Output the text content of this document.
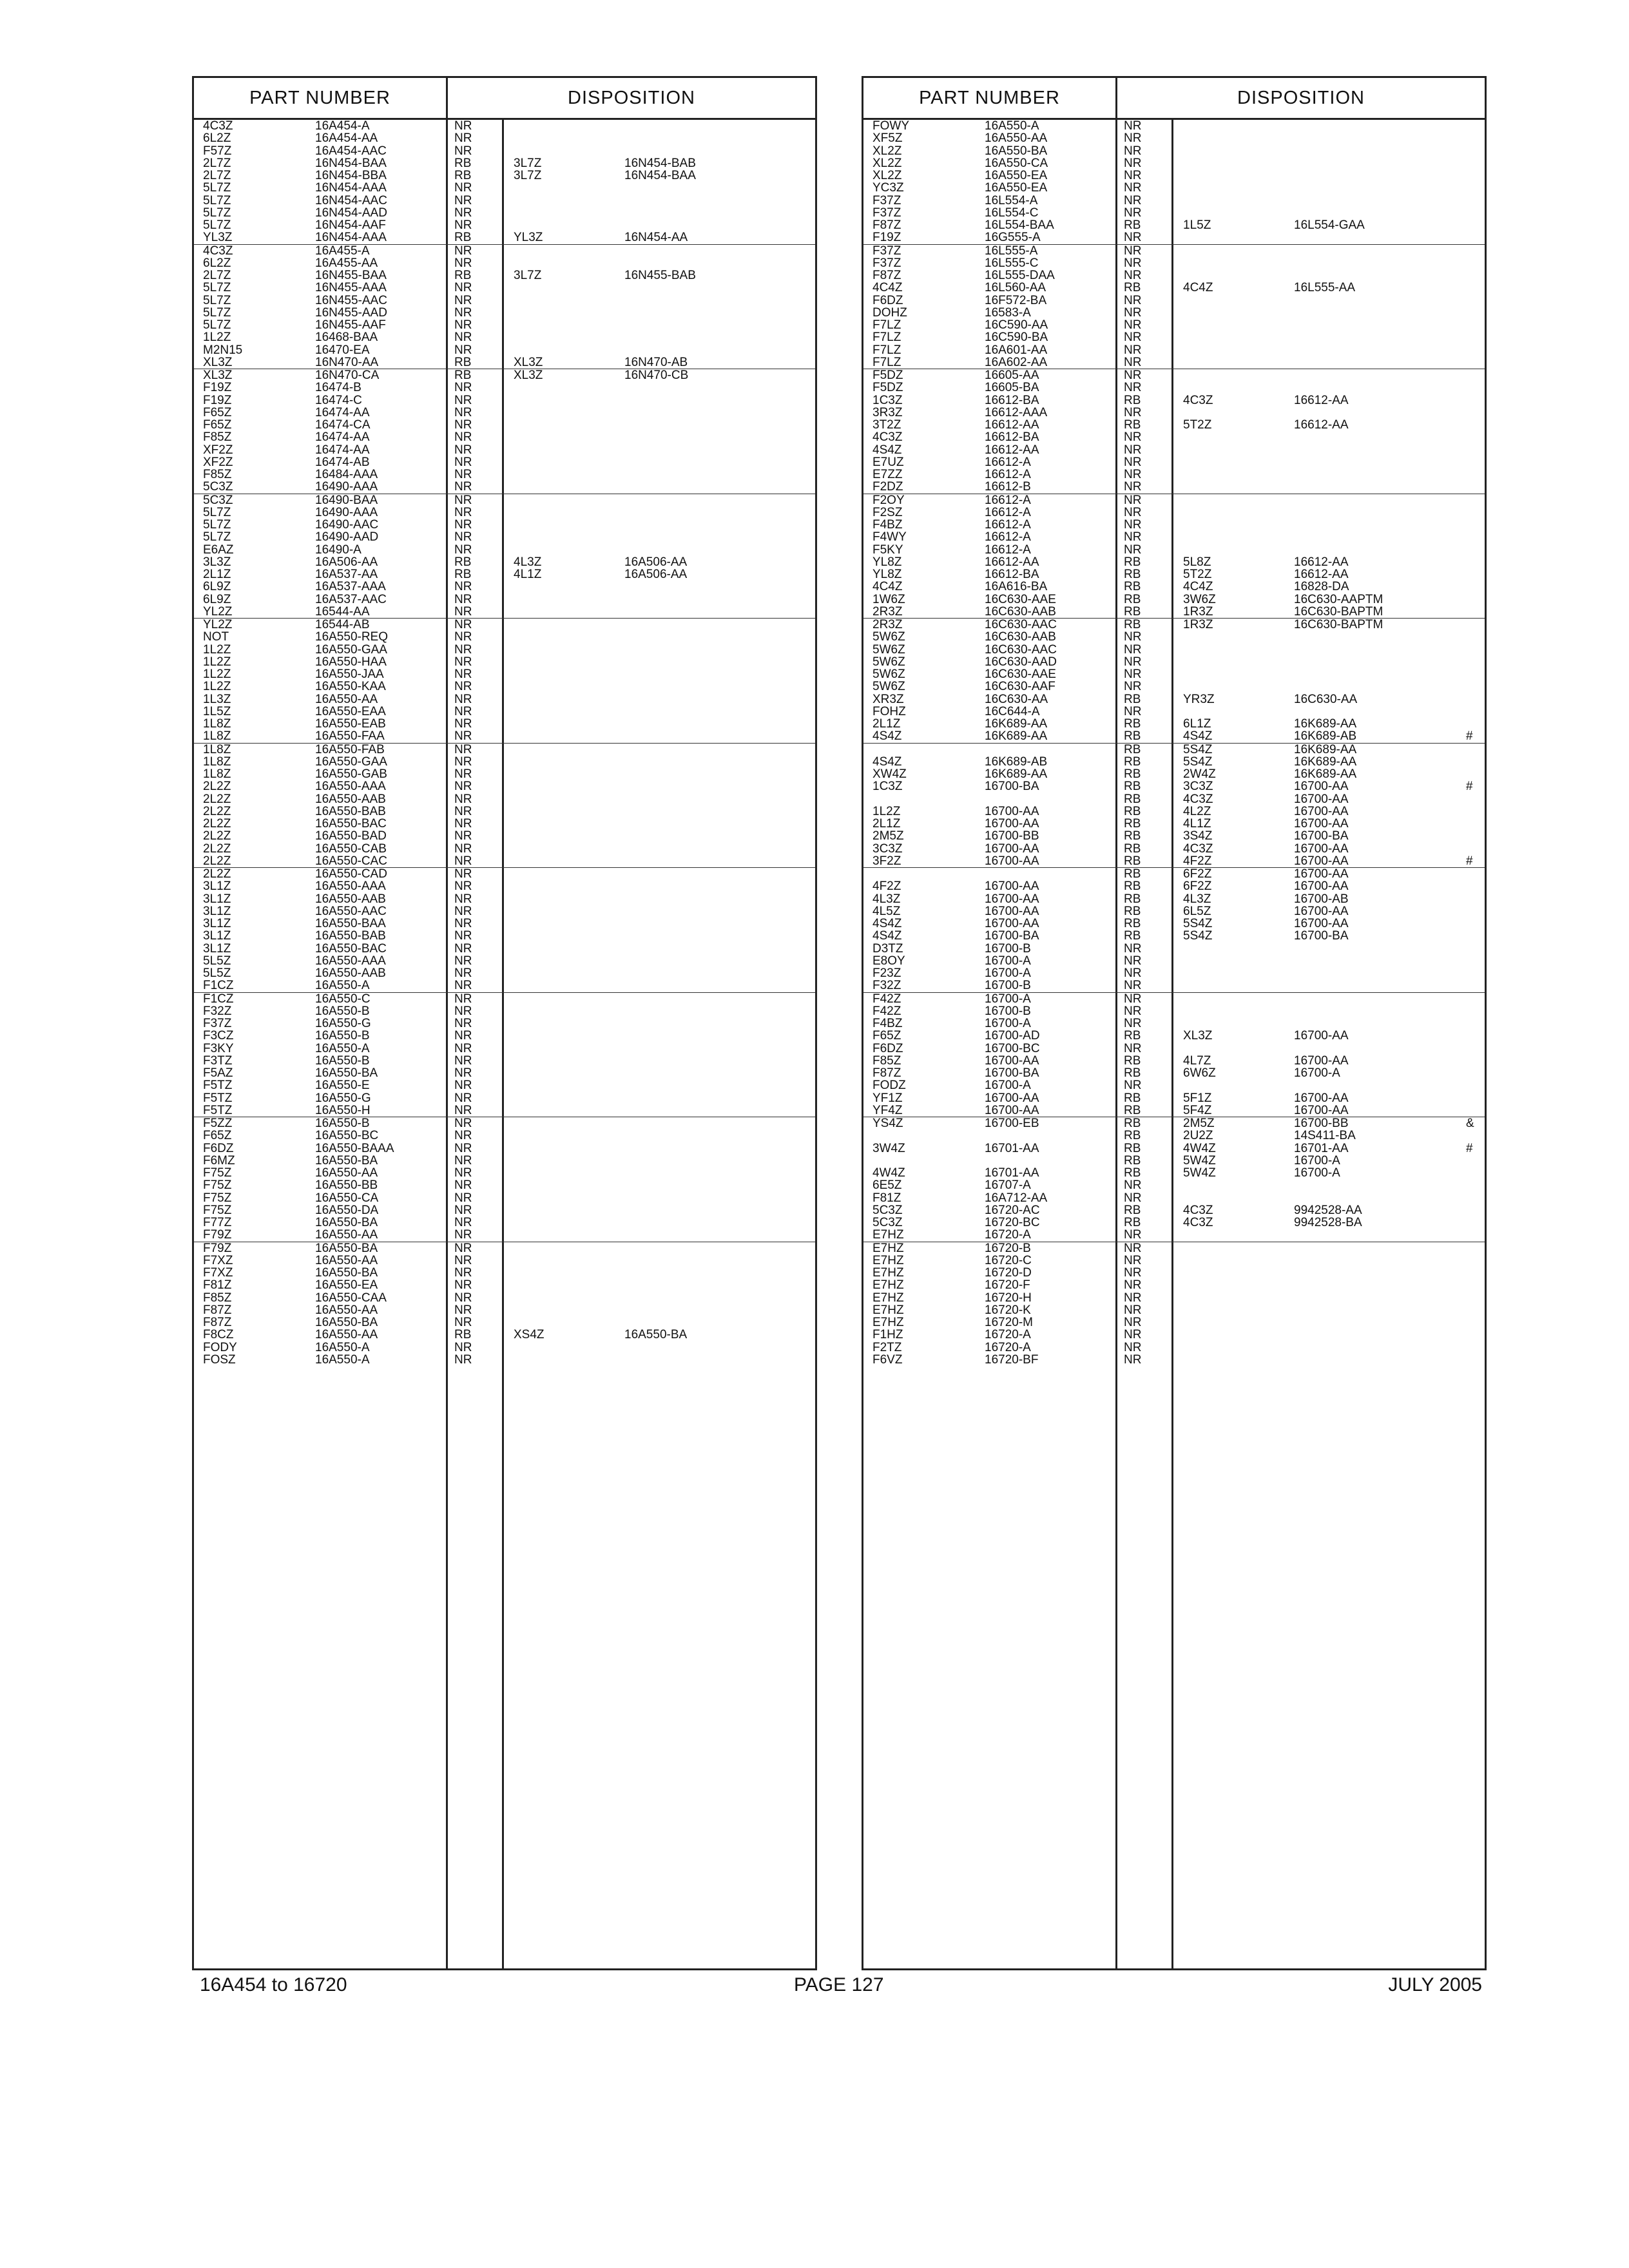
PART NUMBER	DISPOSITION
4C3Z	16A454-A	NR
6L2Z	16A454-AA	NR
F57Z	16A454-AAC	NR
2L7Z	16N454-BAA	RB	3L7Z	16N454-BAB
2L7Z	16N454-BBA	RB	3L7Z	16N454-BAA
5L7Z	16N454-AAA	NR
5L7Z	16N454-AAC	NR
5L7Z	16N454-AAD	NR
5L7Z	16N454-AAF	NR
YL3Z	16N454-AAA	RB	YL3Z	16N454-AA
4C3Z	16A455-A	NR
6L2Z	16A455-AA	NR
2L7Z	16N455-BAA	RB	3L7Z	16N455-BAB
5L7Z	16N455-AAA	NR
5L7Z	16N455-AAC	NR
5L7Z	16N455-AAD	NR
5L7Z	16N455-AAF	NR
1L2Z	16468-BAA	NR
M2N15	16470-EA	NR
XL3Z	16N470-AA	RB	XL3Z	16N470-AB
XL3Z	16N470-CA	RB	XL3Z	16N470-CB
F19Z	16474-B	NR
F19Z	16474-C	NR
F65Z	16474-AA	NR
F65Z	16474-CA	NR
F85Z	16474-AA	NR
XF2Z	16474-AA	NR
XF2Z	16474-AB	NR
F85Z	16484-AAA	NR
5C3Z	16490-AAA	NR
5C3Z	16490-BAA	NR
5L7Z	16490-AAA	NR
5L7Z	16490-AAC	NR
5L7Z	16490-AAD	NR
E6AZ	16490-A	NR
3L3Z	16A506-AA	RB	4L3Z	16A506-AA
2L1Z	16A537-AA	RB	4L1Z	16A506-AA
6L9Z	16A537-AAA	NR
6L9Z	16A537-AAC	NR
YL2Z	16544-AA	NR
YL2Z	16544-AB	NR
NOT	16A550-REQ	NR
1L2Z	16A550-GAA	NR
1L2Z	16A550-HAA	NR
1L2Z	16A550-JAA	NR
1L2Z	16A550-KAA	NR
1L3Z	16A550-AA	NR
1L5Z	16A550-EAA	NR
1L8Z	16A550-EAB	NR
1L8Z	16A550-FAA	NR
1L8Z	16A550-FAB	NR
1L8Z	16A550-GAA	NR
1L8Z	16A550-GAB	NR
2L2Z	16A550-AAA	NR
2L2Z	16A550-AAB	NR
2L2Z	16A550-BAB	NR
2L2Z	16A550-BAC	NR
2L2Z	16A550-BAD	NR
2L2Z	16A550-CAB	NR
2L2Z	16A550-CAC	NR
2L2Z	16A550-CAD	NR
3L1Z	16A550-AAA	NR
3L1Z	16A550-AAB	NR
3L1Z	16A550-AAC	NR
3L1Z	16A550-BAA	NR
3L1Z	16A550-BAB	NR
3L1Z	16A550-BAC	NR
5L5Z	16A550-AAA	NR
5L5Z	16A550-AAB	NR
F1CZ	16A550-A	NR
F1CZ	16A550-C	NR
F32Z	16A550-B	NR
F37Z	16A550-G	NR
F3CZ	16A550-B	NR
F3KY	16A550-A	NR
F3TZ	16A550-B	NR
F5AZ	16A550-BA	NR
F5TZ	16A550-E	NR
F5TZ	16A550-G	NR
F5TZ	16A550-H	NR
F5ZZ	16A550-B	NR
F65Z	16A550-BC	NR
F6DZ	16A550-BAAA	NR
F6MZ	16A550-BA	NR
F75Z	16A550-AA	NR
F75Z	16A550-BB	NR
F75Z	16A550-CA	NR
F75Z	16A550-DA	NR
F77Z	16A550-BA	NR
F79Z	16A550-AA	NR
F79Z	16A550-BA	NR
F7XZ	16A550-AA	NR
F7XZ	16A550-BA	NR
F81Z	16A550-EA	NR
F85Z	16A550-CAA	NR
F87Z	16A550-AA	NR
F87Z	16A550-BA	NR
F8CZ	16A550-AA	RB	XS4Z	16A550-BA
FODY	16A550-A	NR
FOSZ	16A550-A	NR
PART NUMBER	DISPOSITION
FOWY	16A550-A	NR
XF5Z	16A550-AA	NR
XL2Z	16A550-BA	NR
XL2Z	16A550-CA	NR
XL2Z	16A550-EA	NR
YC3Z	16A550-EA	NR
F37Z	16L554-A	NR
F37Z	16L554-C	NR
F87Z	16L554-BAA	RB	1L5Z	16L554-GAA
F19Z	16G555-A	NR
F37Z	16L555-A	NR
F37Z	16L555-C	NR
F87Z	16L555-DAA	NR
4C4Z	16L560-AA	RB	4C4Z	16L555-AA
F6DZ	16F572-BA	NR
DOHZ	16583-A	NR
F7LZ	16C590-AA	NR
F7LZ	16C590-BA	NR
F7LZ	16A601-AA	NR
F7LZ	16A602-AA	NR
F5DZ	16605-AA	NR
F5DZ	16605-BA	NR
1C3Z	16612-BA	RB	4C3Z	16612-AA
3R3Z	16612-AAA	NR
3T2Z	16612-AA	RB	5T2Z	16612-AA
4C3Z	16612-BA	NR
4S4Z	16612-AA	NR
E7UZ	16612-A	NR
E7ZZ	16612-A	NR
F2DZ	16612-B	NR
F2OY	16612-A	NR
F2SZ	16612-A	NR
F4BZ	16612-A	NR
F4WY	16612-A	NR
F5KY	16612-A	NR
YL8Z	16612-AA	RB	5L8Z	16612-AA
YL8Z	16612-BA	RB	5T2Z	16612-AA
4C4Z	16A616-BA	RB	4C4Z	16828-DA
1W6Z	16C630-AAE	RB	3W6Z	16C630-AAPTM
2R3Z	16C630-AAB	RB	1R3Z	16C630-BAPTM
2R3Z	16C630-AAC	RB	1R3Z	16C630-BAPTM
5W6Z	16C630-AAB	NR
5W6Z	16C630-AAC	NR
5W6Z	16C630-AAD	NR
5W6Z	16C630-AAE	NR
5W6Z	16C630-AAF	NR
XR3Z	16C630-AA	RB	YR3Z	16C630-AA
FOHZ	16C644-A	NR
2L1Z	16K689-AA	RB	6L1Z	16K689-AA
4S4Z	16K689-AA	RB	4S4Z	16K689-AB	#
RB	5S4Z	16K689-AA
4S4Z	16K689-AB	RB	5S4Z	16K689-AA
XW4Z	16K689-AA	RB	2W4Z	16K689-AA
1C3Z	16700-BA	RB	3C3Z	16700-AA	#
RB	4C3Z	16700-AA
1L2Z	16700-AA	RB	4L2Z	16700-AA
2L1Z	16700-AA	RB	4L1Z	16700-AA
2M5Z	16700-BB	RB	3S4Z	16700-BA
3C3Z	16700-AA	RB	4C3Z	16700-AA
3F2Z	16700-AA	RB	4F2Z	16700-AA	#
RB	6F2Z	16700-AA
4F2Z	16700-AA	RB	6F2Z	16700-AA
4L3Z	16700-AA	RB	4L3Z	16700-AB
4L5Z	16700-AA	RB	6L5Z	16700-AA
4S4Z	16700-AA	RB	5S4Z	16700-AA
4S4Z	16700-BA	RB	5S4Z	16700-BA
D3TZ	16700-B	NR
E8OY	16700-A	NR
F23Z	16700-A	NR
F32Z	16700-B	NR
F42Z	16700-A	NR
F42Z	16700-B	NR
F4BZ	16700-A	NR
F65Z	16700-AD	RB	XL3Z	16700-AA
F6DZ	16700-BC	NR
F85Z	16700-AA	RB	4L7Z	16700-AA
F87Z	16700-BA	RB	6W6Z	16700-A
FODZ	16700-A	NR
YF1Z	16700-AA	RB	5F1Z	16700-AA
YF4Z	16700-AA	RB	5F4Z	16700-AA
YS4Z	16700-EB	RB	2M5Z	16700-BB	&
RB	2U2Z	14S411-BA
3W4Z	16701-AA	RB	4W4Z	16701-AA	#
RB	5W4Z	16700-A
4W4Z	16701-AA	RB	5W4Z	16700-A
6E5Z	16707-A	NR
F81Z	16A712-AA	NR
5C3Z	16720-AC	RB	4C3Z	9942528-AA
5C3Z	16720-BC	RB	4C3Z	9942528-BA
E7HZ	16720-A	NR
E7HZ	16720-B	NR
E7HZ	16720-C	NR
E7HZ	16720-D	NR
E7HZ	16720-F	NR
E7HZ	16720-H	NR
E7HZ	16720-K	NR
E7HZ	16720-M	NR
F1HZ	16720-A	NR
F2TZ	16720-A	NR
F6VZ	16720-BF	NR
16A454 to 16720	PAGE 127	JULY 2005
